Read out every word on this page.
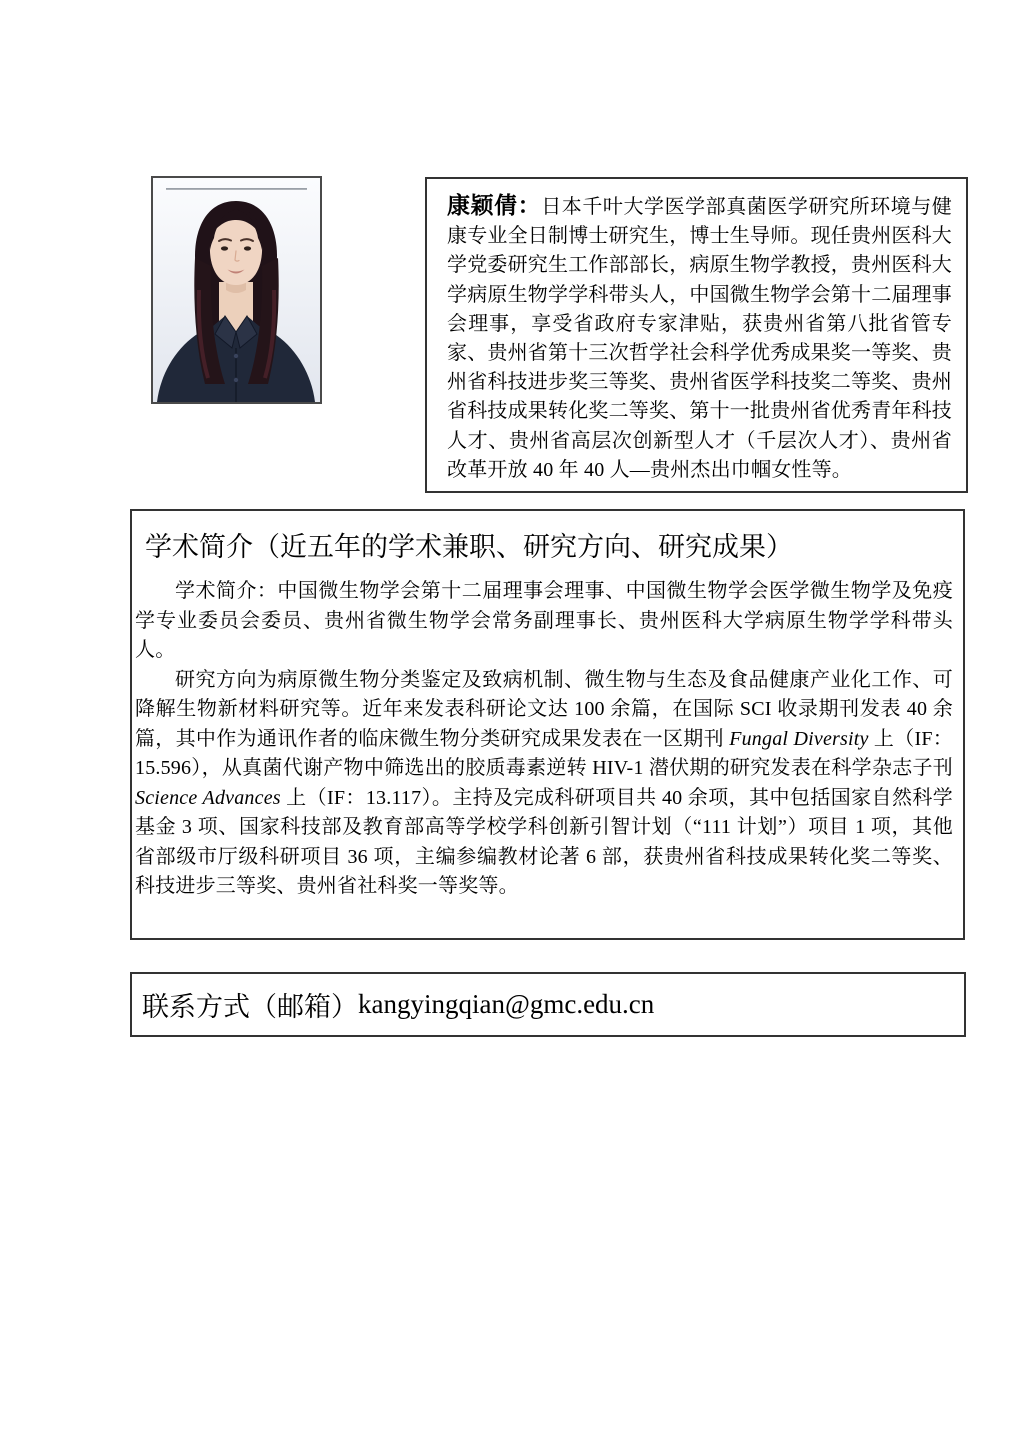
康颖倩：日本千叶大学医学部真菌医学研究所环境与健康专业全日制博士研究生，博士生导师。现任贵州医科大学党委研究生工作部部长，病原生物学教授，贵州医科大学病原生物学学科带头人，中国微生物学会第十二届理事会理事，享受省政府专家津贴，获贵州省第八批省管专家、贵州省第十三次哲学社会科学优秀成果奖一等奖、贵州省科技进步奖三等奖、贵州省医学科技奖二等奖、贵州省科技成果转化奖二等奖、第十一批贵州省优秀青年科技人才、贵州省高层次创新型人才（千层次人才）、贵州省改革开放 40 年 40 人—贵州杰出巾帼女性等。
学术简介（近五年的学术兼职、研究方向、研究成果）

学术简介：中国微生物学会第十二届理事会理事、中国微生物学会医学微生物学及免疫学专业委员会委员、贵州省微生物学会常务副理事长、贵州医科大学病原生物学学科带头人。

研究方向为病原微生物分类鉴定及致病机制、微生物与生态及食品健康产业化工作、可降解生物新材料研究等。近年来发表科研论文达 100 余篇，在国际 SCI 收录期刊发表 40 余篇，其中作为通讯作者的临床微生物分类研究成果发表在一区期刊 Fungal Diversity 上（IF：15.596），从真菌代谢产物中筛选出的胶质毒素逆转 HIV-1 潜伏期的研究发表在科学杂志子刊 Science Advances 上（IF：13.117）。主持及完成科研项目共 40 余项，其中包括国家自然科学基金 3 项、国家科技部及教育部高等学校学科创新引智计划（“111 计划”）项目 1 项，其他省部级市厅级科研项目 36 项，主编参编教材论著 6 部，获贵州省科技成果转化奖二等奖、科技进步三等奖、贵州省社科奖一等奖等。

联系方式（邮箱） kangyingqian@gmc.edu.cn
